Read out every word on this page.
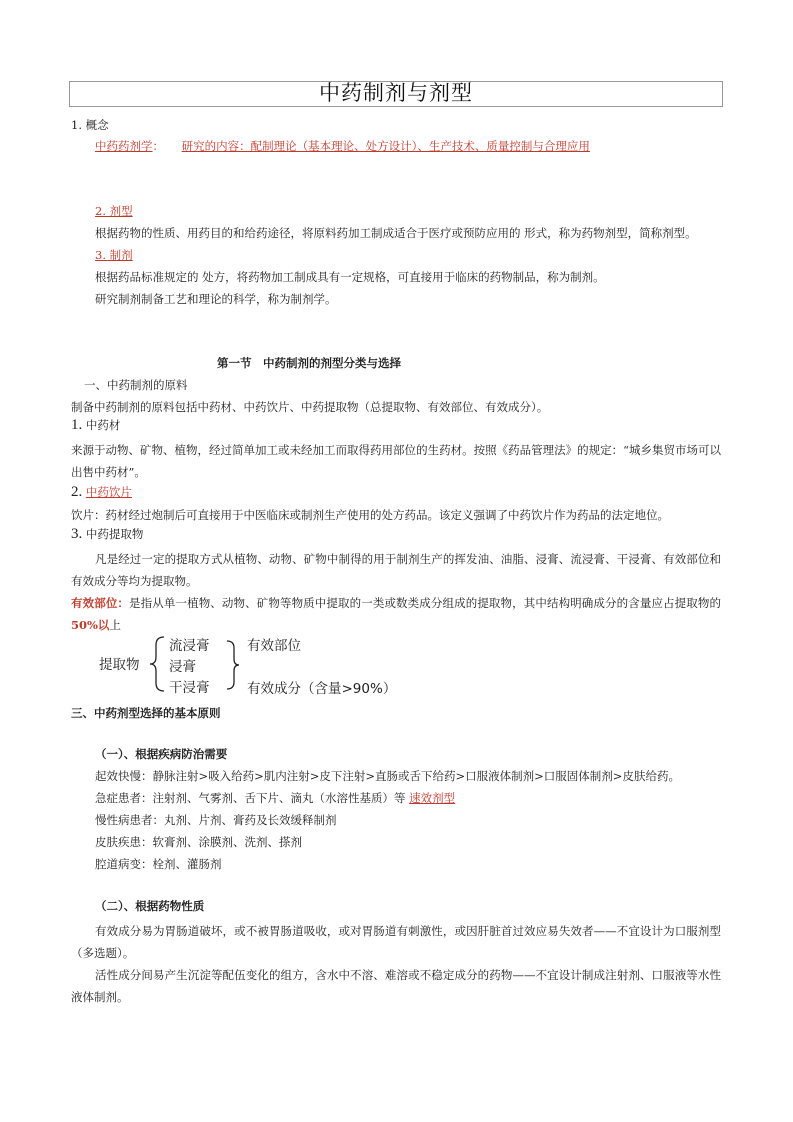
中药制剂与剂型
1. 概念
中药药剂学： 研究的内容：配制理论（基本理论、处方设计）、生产技术、质量控制与合理应用
2. 剂型
根据药物的性质、用药目的和给药途径，将原料药加工制成适合于医疗或预防应用的 形式，称为药物剂型，简称剂型。
3. 制剂
根据药品标准规定的 处方，将药物加工制成具有一定规格，可直接用于临床的药物制品，称为制剂。
研究制剂制备工艺和理论的科学，称为制剂学。
第一节　中药制剂的剂型分类与选择
一、中药制剂的原料
制备中药制剂的原料包括中药材、中药饮片、中药提取物（总提取物、有效部位、有效成分）。
1. 中药材
来源于动物、矿物、植物，经过简单加工或未经加工而取得药用部位的生药材。按照《药品管理法》的规定：“城乡集贸市场可以出售中药材”。
2. 中药饮片
饮片：药材经过炮制后可直接用于中医临床或制剂生产使用的处方药品。该定义强调了中药饮片作为药品的法定地位。
3. 中药提取物
凡是经过一定的提取方式从植物、动物、矿物中制得的用于制剂生产的挥发油、油脂、浸膏、流浸膏、干浸膏、有效部位和有效成分等均为提取物。
有效部位：是指从单一植物、动物、矿物等物质中提取的一类或数类成分组成的提取物，其中结构明确成分的含量应占提取物的 50%以上
提取物
流浸膏
浸膏
干浸膏
有效部位
有效成分（含量>90%）
三、中药剂型选择的基本原则
（一）、根据疾病防治需要
起效快慢：静脉注射>吸入给药>肌内注射>皮下注射>直肠或舌下给药>口服液体制剂>口服固体制剂>皮肤给药。
急症患者：注射剂、气雾剂、舌下片、滴丸（水溶性基质）等 速效剂型
慢性病患者：丸剂、片剂、膏药及长效缓释制剂
皮肤疾患：软膏剂、涂膜剂、洗剂、搽剂
腔道病变：栓剂、灌肠剂
（二）、根据药物性质
有效成分易为胃肠道破坏，或不被胃肠道吸收，或对胃肠道有刺激性，或因肝脏首过效应易失效者——不宜设计为口服剂型（多选题）。
活性成分间易产生沉淀等配伍变化的组方，含水中不溶、难溶或不稳定成分的药物——不宜设计制成注射剂、口服液等水性液体制剂。
